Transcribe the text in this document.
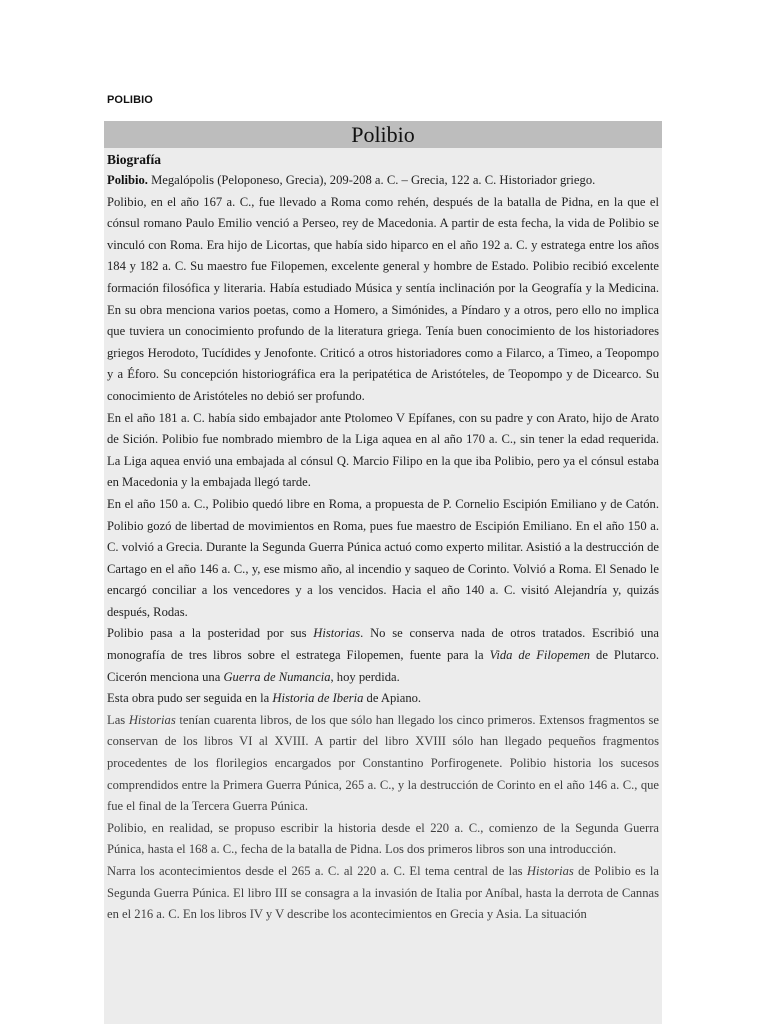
POLIBIO
Polibio
Biografía

Polibio. Megalópolis (Peloponeso, Grecia), 209-208 a. C. – Grecia, 122 a. C. Historiador griego.

Polibio, en el año 167 a. C., fue llevado a Roma como rehén, después de la batalla de Pidna, en la que el cónsul romano Paulo Emilio venció a Perseo, rey de Macedonia. A partir de esta fecha, la vida de Polibio se vinculó con Roma. Era hijo de Licortas, que había sido hiparco en el año 192 a. C. y estratega entre los años 184 y 182 a. C. Su maestro fue Filopemen, excelente general y hombre de Estado. Polibio recibió excelente formación filosófica y literaria. Había estudiado Música y sentía inclinación por la Geografía y la Medicina. En su obra menciona varios poetas, como a Homero, a Simónides, a Píndaro y a otros, pero ello no implica que tuviera un conocimiento profundo de la literatura griega. Tenía buen conocimiento de los historiadores griegos Herodoto, Tucídides y Jenofonte. Criticó a otros historiadores como a Filarco, a Timeo, a Teopompo y a Éforo. Su concepción historiográfica era la peripatética de Aristóteles, de Teopompo y de Dicearco. Su conocimiento de Aristóteles no debió ser profundo.

En el año 181 a. C. había sido embajador ante Ptolomeo V Epífanes, con su padre y con Arato, hijo de Arato de Sición. Polibio fue nombrado miembro de la Liga aquea en al año 170 a. C., sin tener la edad requerida. La Liga aquea envió una embajada al cónsul Q. Marcio Filipo en la que iba Polibio, pero ya el cónsul estaba en Macedonia y la embajada llegó tarde.

En el año 150 a. C., Polibio quedó libre en Roma, a propuesta de P. Cornelio Escipión Emiliano y de Catón. Polibio gozó de libertad de movimientos en Roma, pues fue maestro de Escipión Emiliano. En el año 150 a. C. volvió a Grecia. Durante la Segunda Guerra Púnica actuó como experto militar. Asistió a la destrucción de Cartago en el año 146 a. C., y, ese mismo año, al incendio y saqueo de Corinto. Volvió a Roma. El Senado le encargó conciliar a los vencedores y a los vencidos. Hacia el año 140 a. C. visitó Alejandría y, quizás después, Rodas.

Polibio pasa a la posteridad por sus Historias. No se conserva nada de otros tratados. Escribió una monografía de tres libros sobre el estratega Filopemen, fuente para la Vida de Filopemen de Plutarco. Cicerón menciona una Guerra de Numancia, hoy perdida.

Esta obra pudo ser seguida en la Historia de Iberia de Apiano.

Las Historias tenían cuarenta libros, de los que sólo han llegado los cinco primeros. Extensos fragmentos se conservan de los libros VI al XVIII. A partir del libro XVIII sólo han llegado pequeños fragmentos procedentes de los florilegios encargados por Constantino Porfirogenete. Polibio historia los sucesos comprendidos entre la Primera Guerra Púnica, 265 a. C., y la destrucción de Corinto en el año 146 a. C., que fue el final de la Tercera Guerra Púnica.

Polibio, en realidad, se propuso escribir la historia desde el 220 a. C., comienzo de la Segunda Guerra Púnica, hasta el 168 a. C., fecha de la batalla de Pidna. Los dos primeros libros son una introducción.

Narra los acontecimientos desde el 265 a. C. al 220 a. C. El tema central de las Historias de Polibio es la Segunda Guerra Púnica. El libro III se consagra a la invasión de Italia por Aníbal, hasta la derrota de Cannas en el 216 a. C. En los libros IV y V describe los acontecimientos en Grecia y Asia. La situación
